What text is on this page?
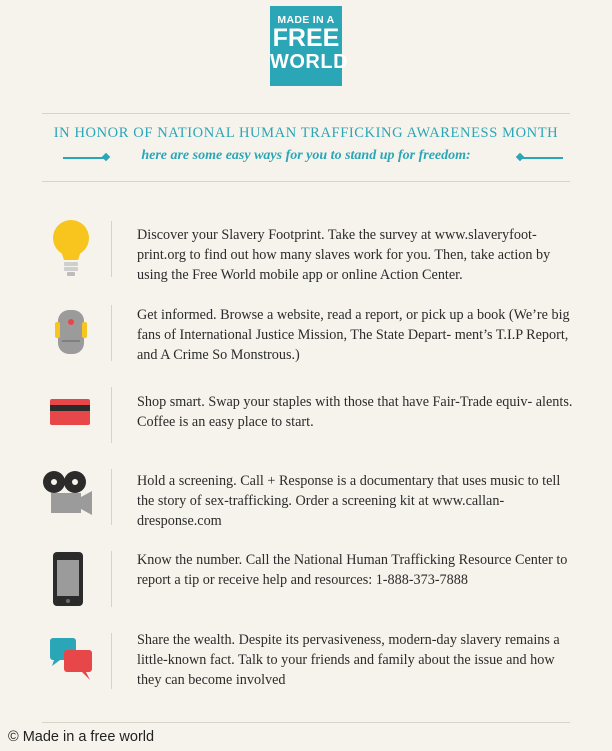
MADE IN A
FREE
WORLD
IN HONOR OF NATIONAL HUMAN TRAFFICKING AWARENESS MONTH
here are some easy ways for you to stand up for freedom:
Discover your Slavery Footprint. Take the survey at www.slaveryfoot- print.org to find out how many slaves work for you. Then, take action by using the Free World mobile app or online Action Center.
Get informed. Browse a website, read a report, or pick up a book (We’re big fans of International Justice Mission, The State Depart- ment’s T.I.P Report, and A Crime So Monstrous.)
Shop smart. Swap your staples with those that have Fair-Trade equiv- alents. Coffee is an easy place to start.
Hold a screening. Call + Response is a documentary that uses music to tell the story of sex-trafficking. Order a screening kit at www.callan- dresponse.com
Know the number. Call the National Human Trafficking Resource Center to report a tip or receive help and resources: 1-888-373-7888
Share the wealth. Despite its pervasiveness, modern-day slavery remains a little-known fact. Talk to your friends and family about the issue and how they can become involved
© Made in a free world
